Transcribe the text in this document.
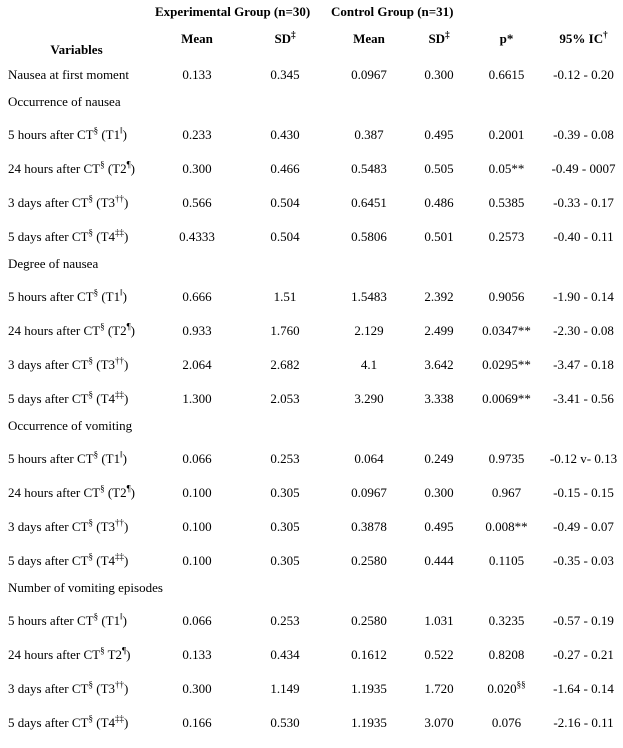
Variables	Experimental Group (n=30)		Control Group (n=31)			
	Mean	SD‡	Mean	SD‡	p*	95% IC†
Nausea at first moment	0.133	0.345	0.0967	0.300	0.6615	-0.12 - 0.20
Occurrence of nausea						
5 hours after CT§ (T1‖)	0.233	0.430	0.387	0.495	0.2001	-0.39 - 0.08
24 hours after CT§ (T2¶)	0.300	0.466	0.5483	0.505	0.05**	-0.49 - 0007
3 days after CT§ (T3††)	0.566	0.504	0.6451	0.486	0.5385	-0.33 - 0.17
5 days after CT§ (T4‡‡)	0.4333	0.504	0.5806	0.501	0.2573	-0.40 - 0.11
Degree of nausea						
5 hours after CT§ (T1‖)	0.666	1.51	1.5483	2.392	0.9056	-1.90 - 0.14
24 hours after CT§ (T2¶)	0.933	1.760	2.129	2.499	0.0347**	-2.30 - 0.08
3 days after CT§ (T3††)	2.064	2.682	4.1	3.642	0.0295**	-3.47 - 0.18
5 days after CT§ (T4‡‡)	1.300	2.053	3.290	3.338	0.0069**	-3.41 - 0.56
Occurrence of vomiting						
5 hours after CT§ (T1‖)	0.066	0.253	0.064	0.249	0.9735	-0.12 v- 0.13
24 hours after CT§ (T2¶)	0.100	0.305	0.0967	0.300	0.967	-0.15 - 0.15
3 days after CT§ (T3††)	0.100	0.305	0.3878	0.495	0.008**	-0.49 - 0.07
5 days after CT§ (T4‡‡)	0.100	0.305	0.2580	0.444	0.1105	-0.35 - 0.03
Number of vomiting episodes						
5 hours after CT§ (T1‖)	0.066	0.253	0.2580	1.031	0.3235	-0.57 - 0.19
24 hours after CT§ T2¶)	0.133	0.434	0.1612	0.522	0.8208	-0.27 - 0.21
3 days after CT§ (T3††)	0.300	1.149	1.1935	1.720	0.020§§	-1.64 - 0.14
5 days after CT§ (T4‡‡)	0.166	0.530	1.1935	3.070	0.076	-2.16 - 0.11
